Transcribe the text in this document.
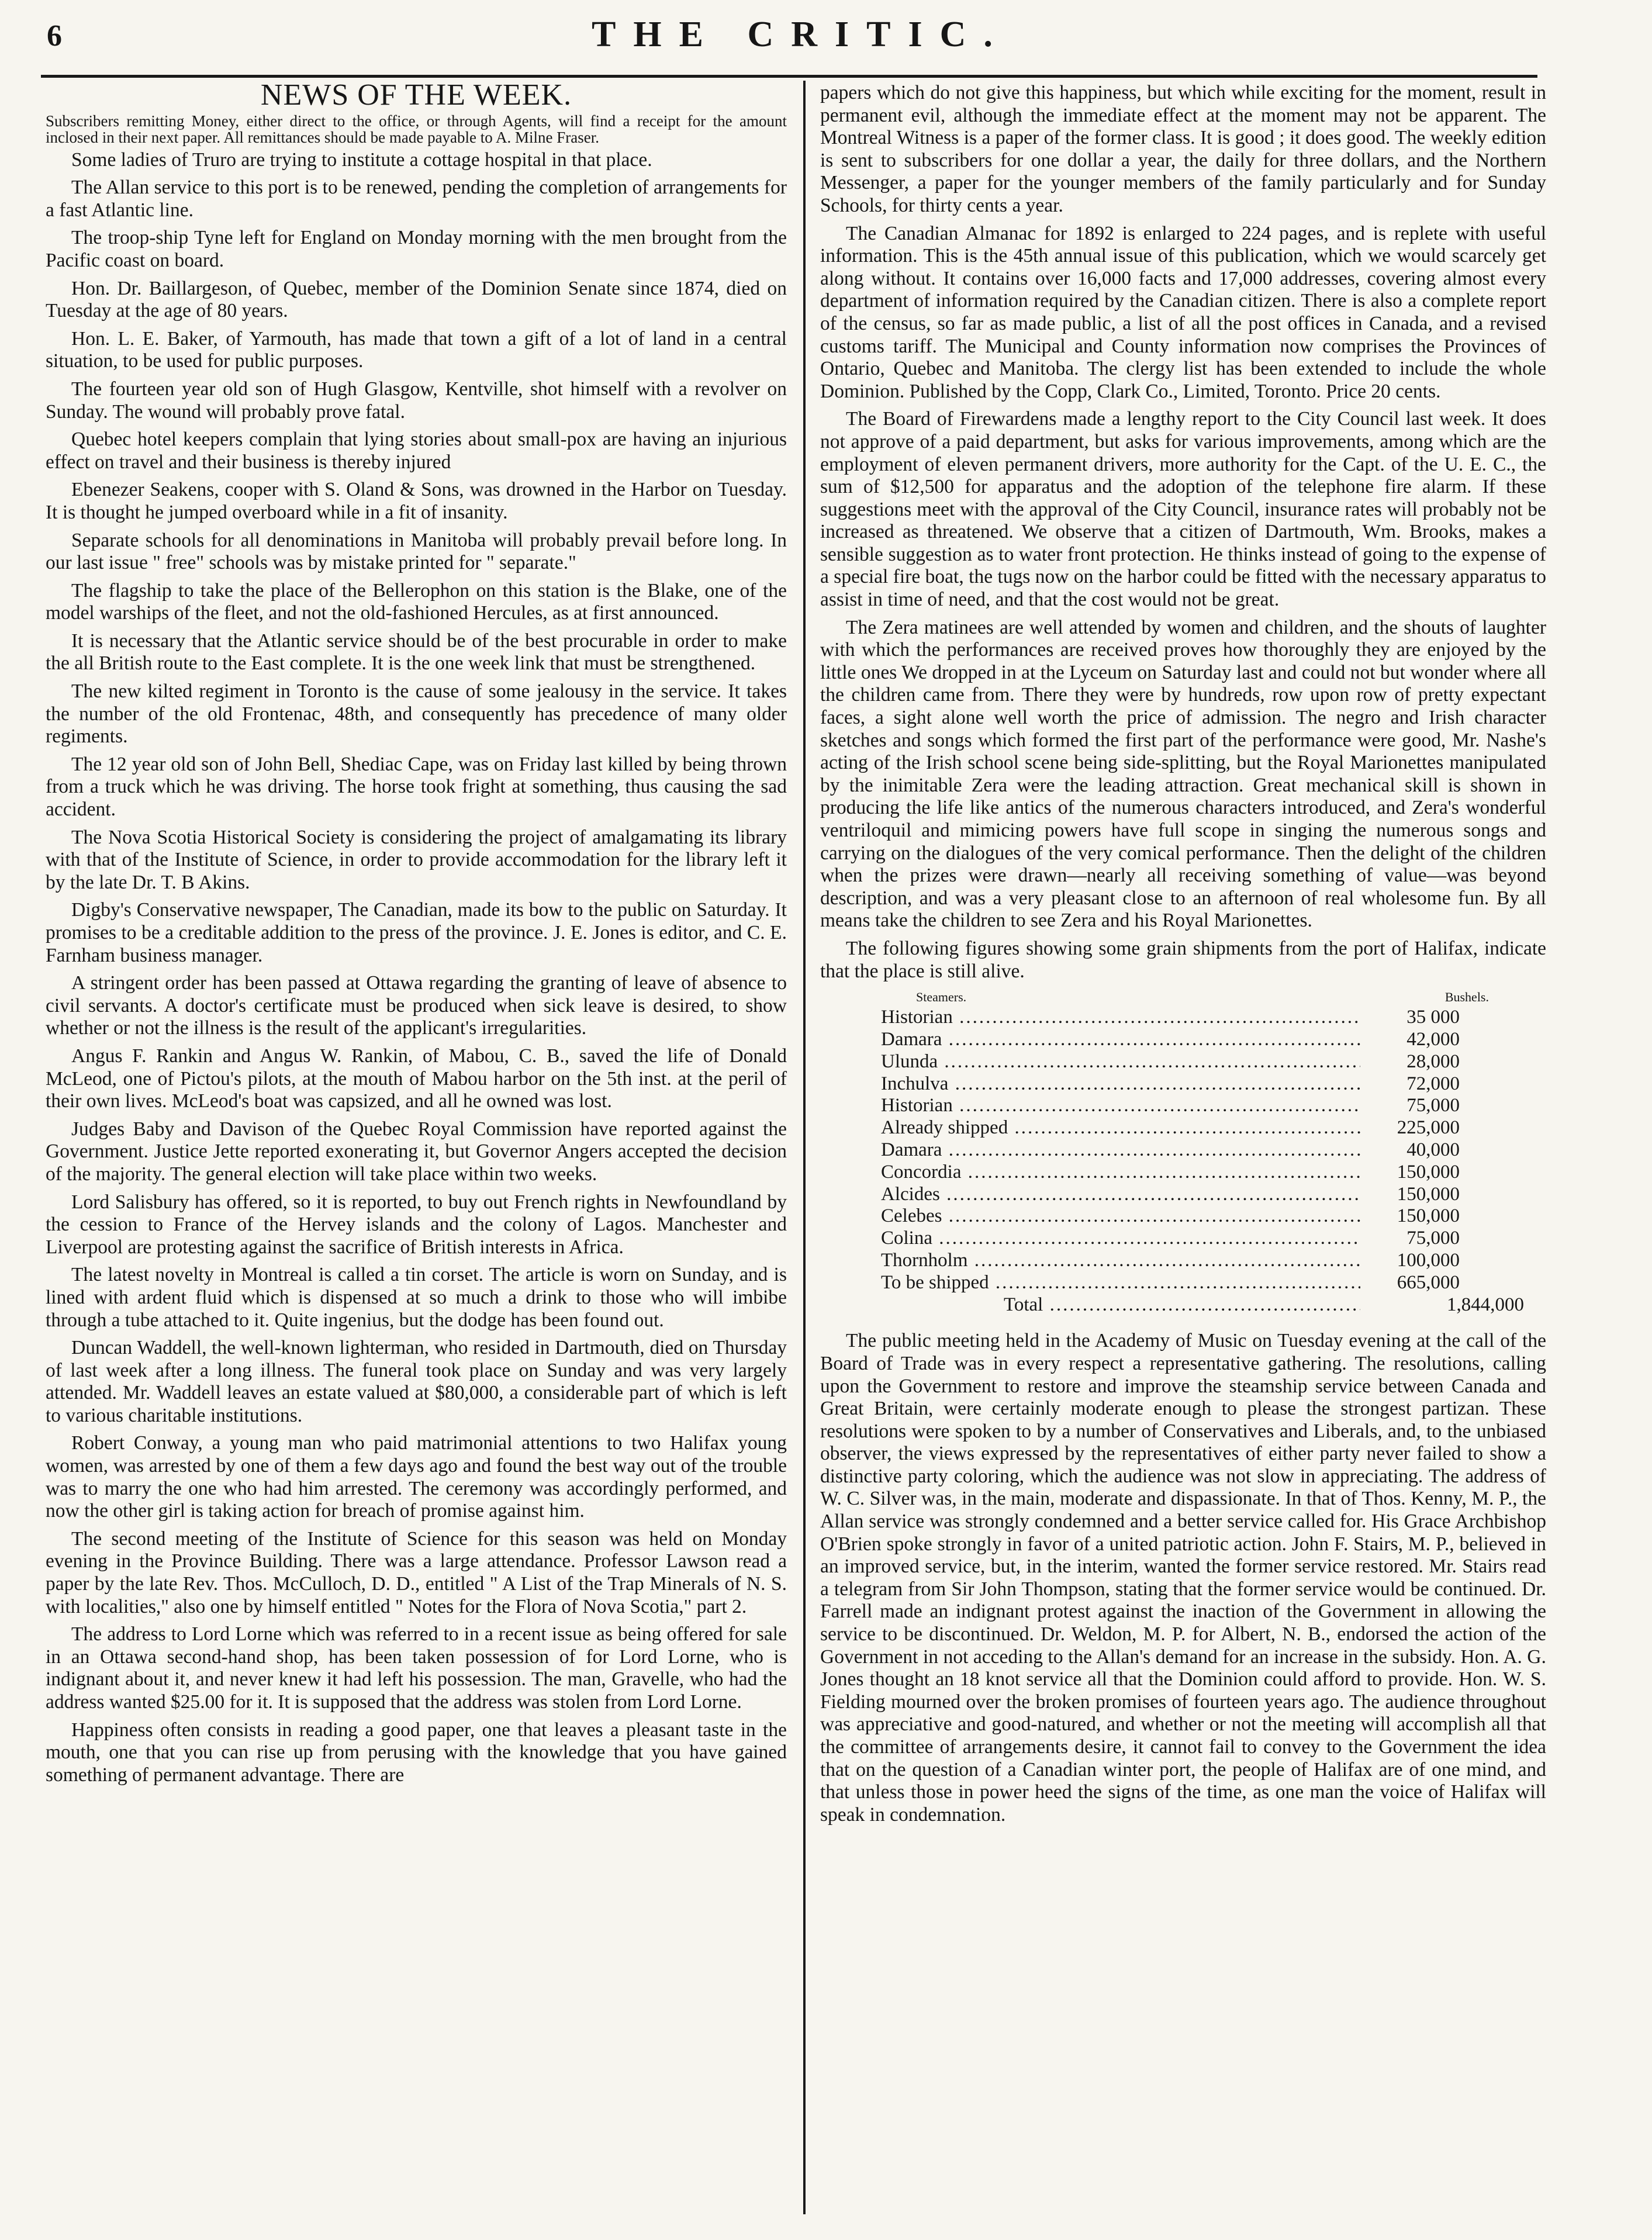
6	THE CRITIC.
NEWS OF THE WEEK.
Subscribers remitting Money, either direct to the office, or through Agents, will find a receipt for the amount inclosed in their next paper. All remittances should be made payable to A. Milne Fraser.

Some ladies of Truro are trying to institute a cottage hospital in that place.

The Allan service to this port is to be renewed, pending the completion of arrangements for a fast Atlantic line.

The troop-ship Tyne left for England on Monday morning with the men brought from the Pacific coast on board.

Hon. Dr. Baillargeson, of Quebec, member of the Dominion Senate since 1874, died on Tuesday at the age of 80 years.

Hon. L. E. Baker, of Yarmouth, has made that town a gift of a lot of land in a central situation, to be used for public purposes.

The fourteen year old son of Hugh Glasgow, Kentville, shot himself with a revolver on Sunday. The wound will probably prove fatal.

Quebec hotel keepers complain that lying stories about small-pox are having an injurious effect on travel and their business is thereby injured

Ebenezer Seakens, cooper with S. Oland & Sons, was drowned in the Harbor on Tuesday. It is thought he jumped overboard while in a fit of insanity.

Separate schools for all denominations in Manitoba will probably prevail before long. In our last issue " free" schools was by mistake printed for " separate."

The flagship to take the place of the Bellerophon on this station is the Blake, one of the model warships of the fleet, and not the old-fashioned Hercules, as at first announced.

It is necessary that the Atlantic service should be of the best procurable in order to make the all British route to the East complete. It is the one week link that must be strengthened.

The new kilted regiment in Toronto is the cause of some jealousy in the service. It takes the number of the old Frontenac, 48th, and consequently has precedence of many older regiments.

The 12 year old son of John Bell, Shediac Cape, was on Friday last killed by being thrown from a truck which he was driving. The horse took fright at something, thus causing the sad accident.

The Nova Scotia Historical Society is considering the project of amalgamating its library with that of the Institute of Science, in order to provide accommodation for the library left it by the late Dr. T. B Akins.

Digby's Conservative newspaper, The Canadian, made its bow to the public on Saturday. It promises to be a creditable addition to the press of the province. J. E. Jones is editor, and C. E. Farnham business manager.

A stringent order has been passed at Ottawa regarding the granting of leave of absence to civil servants. A doctor's certificate must be produced when sick leave is desired, to show whether or not the illness is the result of the applicant's irregularities.

Angus F. Rankin and Angus W. Rankin, of Mabou, C. B., saved the life of Donald McLeod, one of Pictou's pilots, at the mouth of Mabou harbor on the 5th inst. at the peril of their own lives. McLeod's boat was capsized, and all he owned was lost.

Judges Baby and Davison of the Quebec Royal Commission have reported against the Government. Justice Jette reported exonerating it, but Governor Angers accepted the decision of the majority. The general election will take place within two weeks.

Lord Salisbury has offered, so it is reported, to buy out French rights in Newfoundland by the cession to France of the Hervey islands and the colony of Lagos. Manchester and Liverpool are protesting against the sacrifice of British interests in Africa.

The latest novelty in Montreal is called a tin corset. The article is worn on Sunday, and is lined with ardent fluid which is dispensed at so much a drink to those who will imbibe through a tube attached to it. Quite ingenius, but the dodge has been found out.

Duncan Waddell, the well-known lighterman, who resided in Dartmouth, died on Thursday of last week after a long illness. The funeral took place on Sunday and was very largely attended. Mr. Waddell leaves an estate valued at $80,000, a considerable part of which is left to various charitable institutions.

Robert Conway, a young man who paid matrimonial attentions to two Halifax young women, was arrested by one of them a few days ago and found the best way out of the trouble was to marry the one who had him arrested. The ceremony was accordingly performed, and now the other girl is taking action for breach of promise against him.

The second meeting of the Institute of Science for this season was held on Monday evening in the Province Building. There was a large attendance. Professor Lawson read a paper by the late Rev. Thos. McCulloch, D. D., entitled " A List of the Trap Minerals of N. S. with localities," also one by himself entitled " Notes for the Flora of Nova Scotia," part 2.

The address to Lord Lorne which was referred to in a recent issue as being offered for sale in an Ottawa second-hand shop, has been taken possession of for Lord Lorne, who is indignant about it, and never knew it had left his possession. The man, Gravelle, who had the address wanted $25.00 for it. It is supposed that the address was stolen from Lord Lorne.

Happiness often consists in reading a good paper, one that leaves a pleasant taste in the mouth, one that you can rise up from perusing with the knowledge that you have gained something of permanent advantage. There are

papers which do not give this happiness, but which while exciting for the moment, result in permanent evil, although the immediate effect at the moment may not be apparent. The Montreal Witness is a paper of the former class. It is good ; it does good. The weekly edition is sent to subscribers for one dollar a year, the daily for three dollars, and the Northern Messenger, a paper for the younger members of the family particularly and for Sunday Schools, for thirty cents a year.

The Canadian Almanac for 1892 is enlarged to 224 pages, and is replete with useful information. This is the 45th annual issue of this publication, which we would scarcely get along without. It contains over 16,000 facts and 17,000 addresses, covering almost every department of information required by the Canadian citizen. There is also a complete report of the census, so far as made public, a list of all the post offices in Canada, and a revised customs tariff. The Municipal and County information now comprises the Provinces of Ontario, Quebec and Manitoba. The clergy list has been extended to include the whole Dominion. Published by the Copp, Clark Co., Limited, Toronto. Price 20 cents.

The Board of Firewardens made a lengthy report to the City Council last week. It does not approve of a paid department, but asks for various improvements, among which are the employment of eleven permanent drivers, more authority for the Capt. of the U. E. C., the sum of $12,500 for apparatus and the adoption of the telephone fire alarm. If these suggestions meet with the approval of the City Council, insurance rates will probably not be increased as threatened. We observe that a citizen of Dartmouth, Wm. Brooks, makes a sensible suggestion as to water front protection. He thinks instead of going to the expense of a special fire boat, the tugs now on the harbor could be fitted with the necessary apparatus to assist in time of need, and that the cost would not be great.

The Zera matinees are well attended by women and children, and the shouts of laughter with which the performances are received proves how thoroughly they are enjoyed by the little ones We dropped in at the Lyceum on Saturday last and could not but wonder where all the children came from. There they were by hundreds, row upon row of pretty expectant faces, a sight alone well worth the price of admission. The negro and Irish character sketches and songs which formed the first part of the performance were good, Mr. Nashe's acting of the Irish school scene being side-splitting, but the Royal Marionettes manipulated by the inimitable Zera were the leading attraction. Great mechanical skill is shown in producing the life like antics of the numerous characters introduced, and Zera's wonderful ventriloquil and mimicing powers have full scope in singing the numerous songs and carrying on the dialogues of the very comical performance. Then the delight of the children when the prizes were drawn—nearly all receiving something of value—was beyond description, and was a very pleasant close to an afternoon of real wholesome fun. By all means take the children to see Zera and his Royal Marionettes.

The following figures showing some grain shipments from the port of Halifax, indicate that the place is still alive.

Steamers.	Bushels.
Historian .....	35 000
Damara .....	42,000
Ulunda .....	28,000
Inchulva .....	72,000
Historian .....	75,000
Already shipped .....	225,000
Damara .....	40,000
Concordia .....	150,000
Alcides .....	150,000
Celebes .....	150,000
Colina .....	75,000
Thornholm .....	100,000
To be shipped .....	665,000
Total .....	1,844,000

The public meeting held in the Academy of Music on Tuesday evening at the call of the Board of Trade was in every respect a representative gathering. The resolutions, calling upon the Government to restore and improve the steamship service between Canada and Great Britain, were certainly moderate enough to please the strongest partizan. These resolutions were spoken to by a number of Conservatives and Liberals, and, to the unbiased observer, the views expressed by the representatives of either party never failed to show a distinctive party coloring, which the audience was not slow in appreciating. The address of W. C. Silver was, in the main, moderate and dispassionate. In that of Thos. Kenny, M. P., the Allan service was strongly condemned and a better service called for. His Grace Archbishop O'Brien spoke strongly in favor of a united patriotic action. John F. Stairs, M. P., believed in an improved service, but, in the interim, wanted the former service restored. Mr. Stairs read a telegram from Sir John Thompson, stating that the former service would be continued. Dr. Farrell made an indignant protest against the inaction of the Government in allowing the service to be discontinued. Dr. Weldon, M. P. for Albert, N. B., endorsed the action of the Government in not acceding to the Allan's demand for an increase in the subsidy. Hon. A. G. Jones thought an 18 knot service all that the Dominion could afford to provide. Hon. W. S. Fielding mourned over the broken promises of fourteen years ago. The audience throughout was appreciative and good-natured, and whether or not the meeting will accomplish all that the committee of arrangements desire, it cannot fail to convey to the Government the idea that on the question of a Canadian winter port, the people of Halifax are of one mind, and that unless those in power heed the signs of the time, as one man the voice of Halifax will speak in condemnation.
